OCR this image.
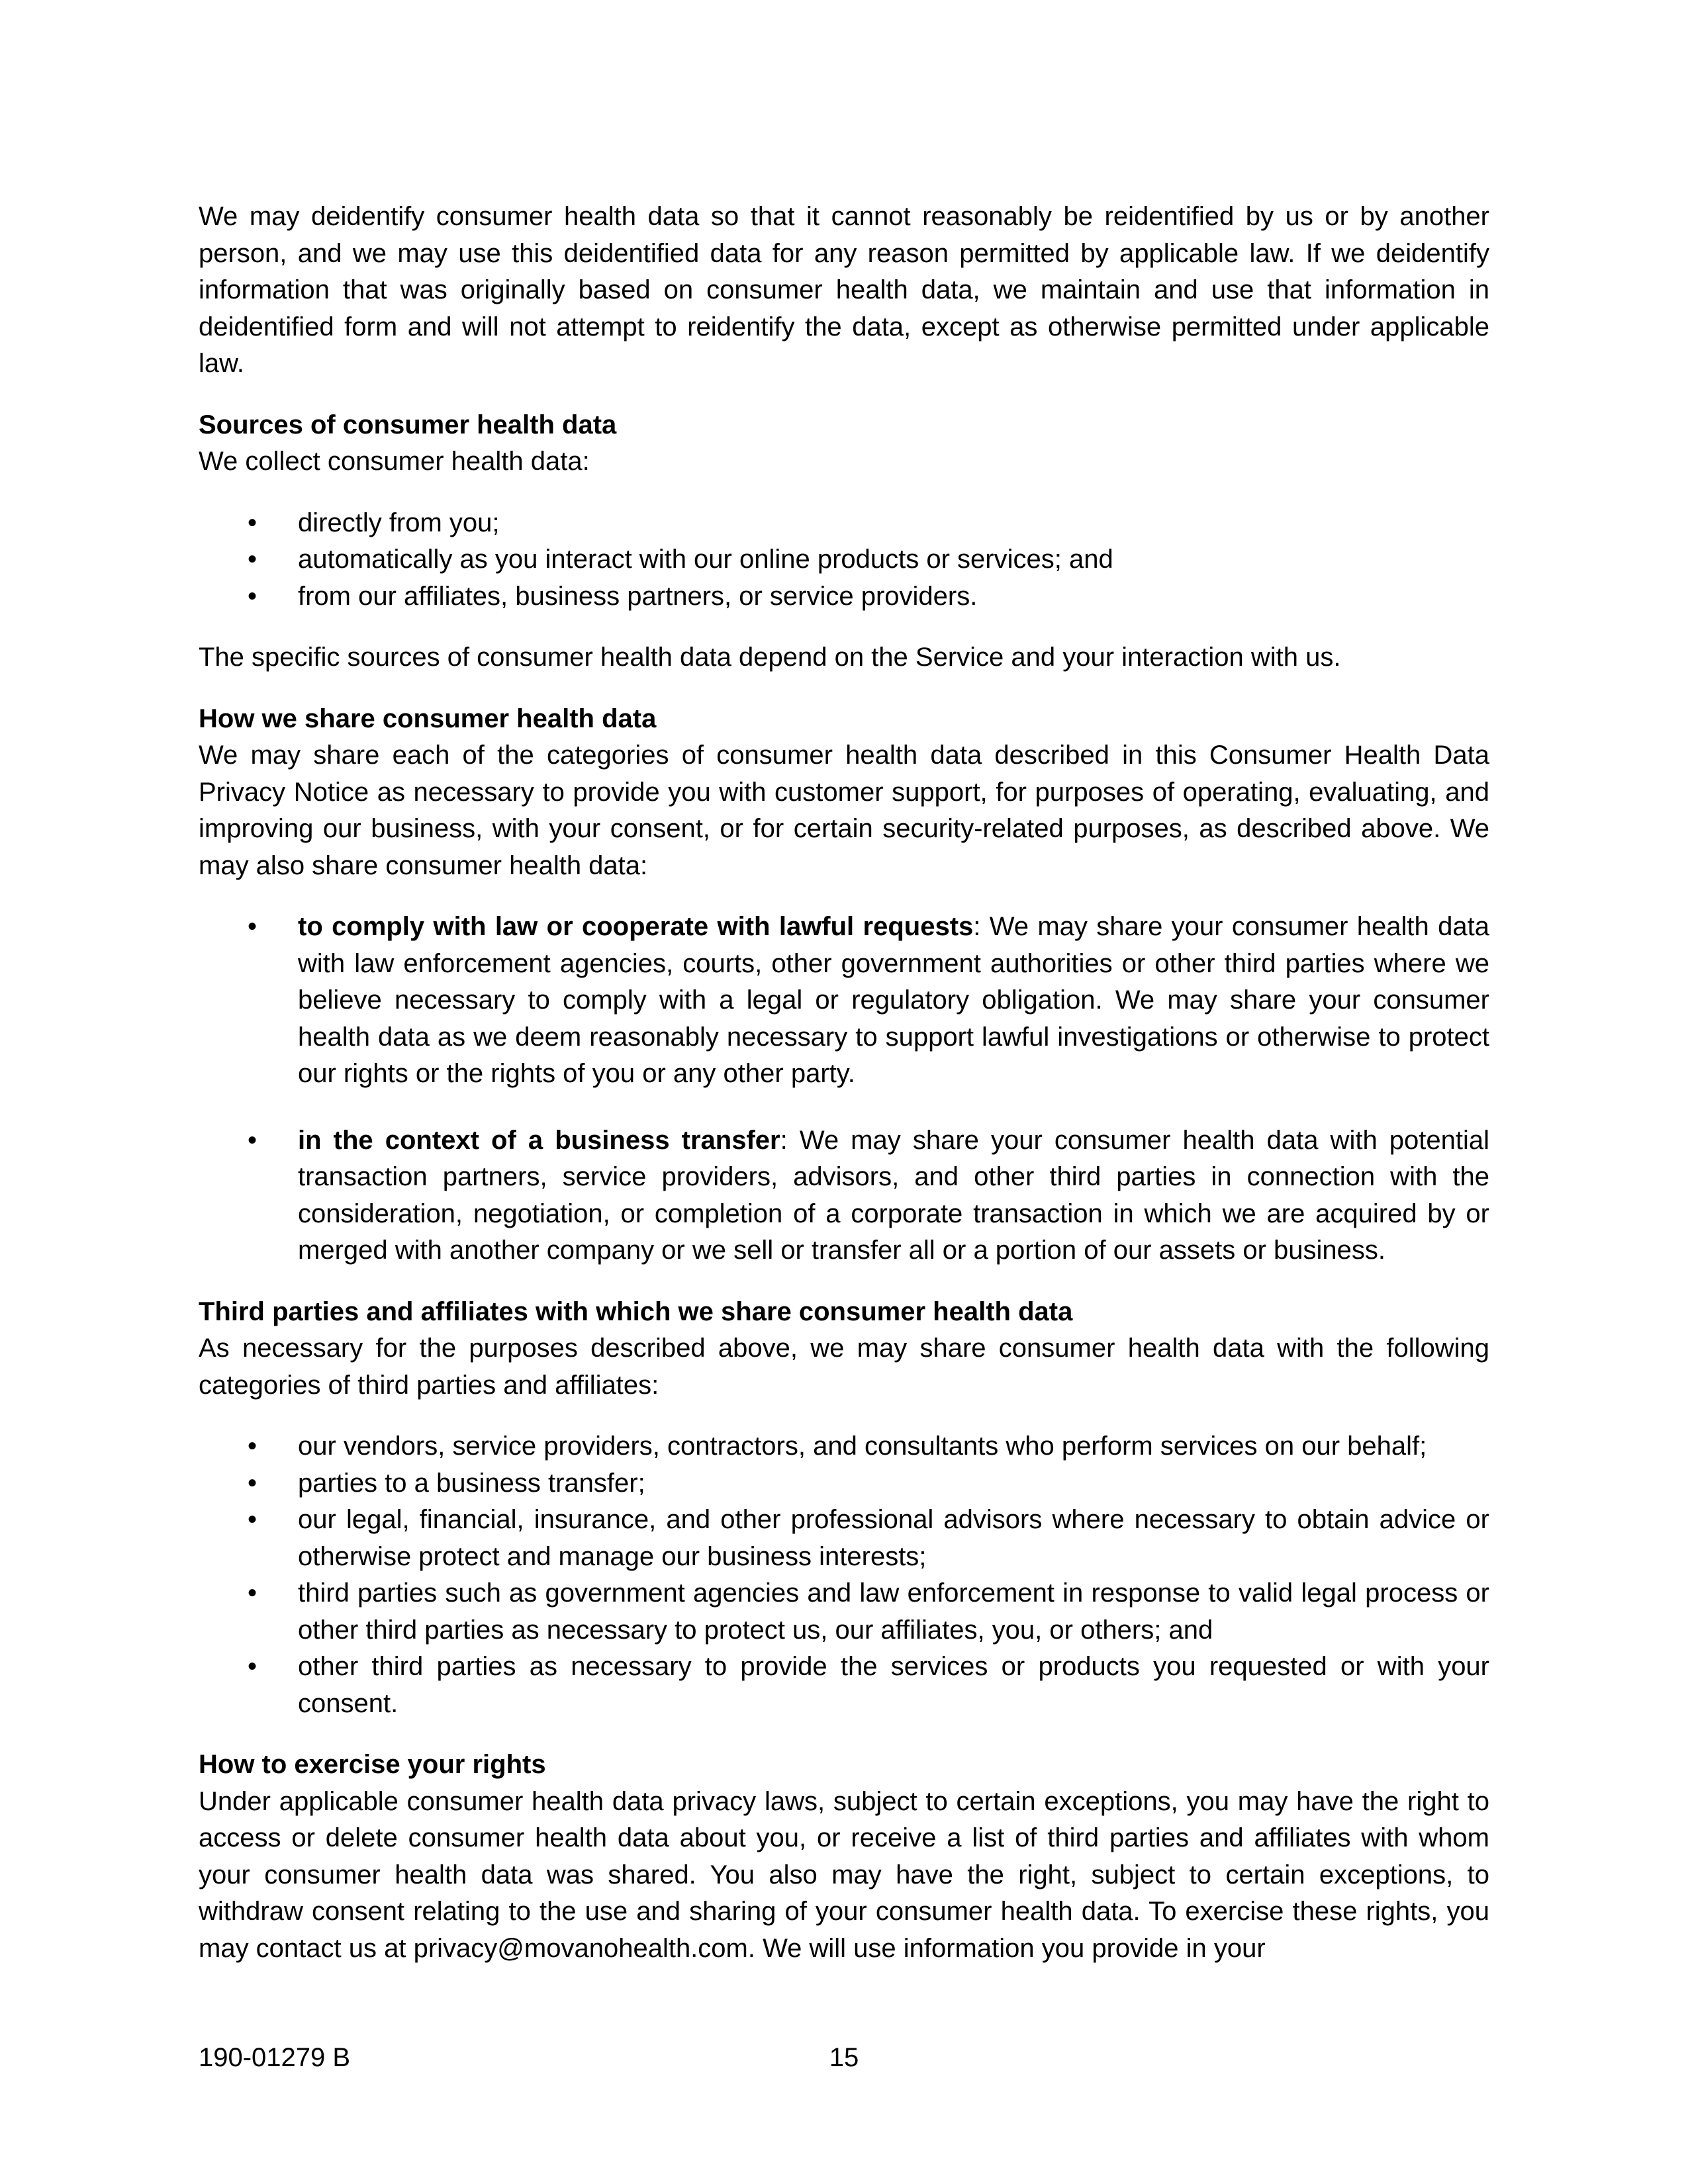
We may deidentify consumer health data so that it cannot reasonably be reidentified by us or by another person, and we may use this deidentified data for any reason permitted by applicable law. If we deidentify information that was originally based on consumer health data, we maintain and use that information in deidentified form and will not attempt to reidentify the data, except as otherwise permitted under applicable law.

Sources of consumer health data

We collect consumer health data:

• directly from you;
• automatically as you interact with our online products or services; and
• from our affiliates, business partners, or service providers.

The specific sources of consumer health data depend on the Service and your interaction with us.

How we share consumer health data

We may share each of the categories of consumer health data described in this Consumer Health Data Privacy Notice as necessary to provide you with customer support, for purposes of operating, evaluating, and improving our business, with your consent, or for certain security-related purposes, as described above. We may also share consumer health data:

• to comply with law or cooperate with lawful requests: We may share your consumer health data with law enforcement agencies, courts, other government authorities or other third parties where we believe necessary to comply with a legal or regulatory obligation. We may share your consumer health data as we deem reasonably necessary to support lawful investigations or otherwise to protect our rights or the rights of you or any other party.
• in the context of a business transfer: We may share your consumer health data with potential transaction partners, service providers, advisors, and other third parties in connection with the consideration, negotiation, or completion of a corporate transaction in which we are acquired by or merged with another company or we sell or transfer all or a portion of our assets or business.

Third parties and affiliates with which we share consumer health data

As necessary for the purposes described above, we may share consumer health data with the following categories of third parties and affiliates:

• our vendors, service providers, contractors, and consultants who perform services on our behalf;
• parties to a business transfer;
• our legal, financial, insurance, and other professional advisors where necessary to obtain advice or otherwise protect and manage our business interests;
• third parties such as government agencies and law enforcement in response to valid legal process or other third parties as necessary to protect us, our affiliates, you, or others; and
• other third parties as necessary to provide the services or products you requested or with your consent.

How to exercise your rights

Under applicable consumer health data privacy laws, subject to certain exceptions, you may have the right to access or delete consumer health data about you, or receive a list of third parties and affiliates with whom your consumer health data was shared. You also may have the right, subject to certain exceptions, to withdraw consent relating to the use and sharing of your consumer health data. To exercise these rights, you may contact us at privacy@movanohealth.com. We will use information you provide in your

190-01279 B	15
